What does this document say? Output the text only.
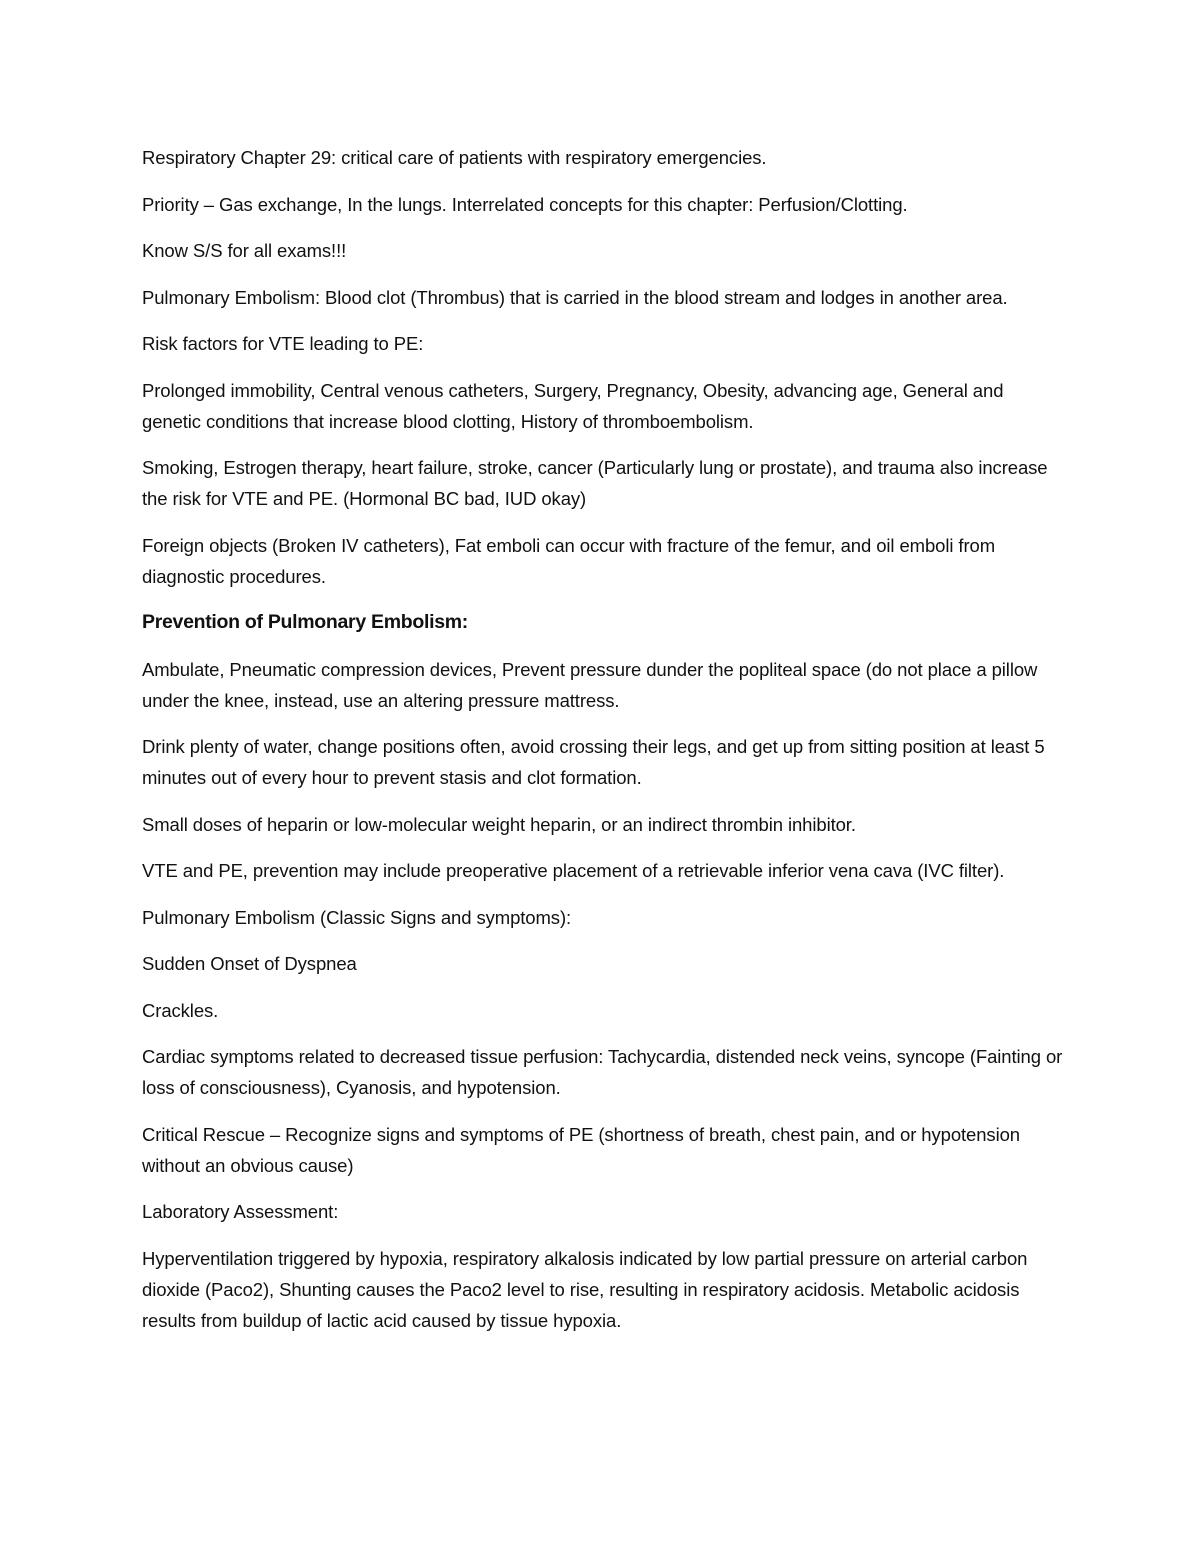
Respiratory Chapter 29: critical care of patients with respiratory emergencies.

Priority – Gas exchange, In the lungs. Interrelated concepts for this chapter: Perfusion/Clotting.

Know S/S for all exams!!!

Pulmonary Embolism: Blood clot (Thrombus) that is carried in the blood stream and lodges in another area.

Risk factors for VTE leading to PE:

Prolonged immobility, Central venous catheters, Surgery, Pregnancy, Obesity, advancing age, General and genetic conditions that increase blood clotting, History of thromboembolism.

Smoking, Estrogen therapy, heart failure, stroke, cancer (Particularly lung or prostate), and trauma also increase the risk for VTE and PE. (Hormonal BC bad, IUD okay)

Foreign objects (Broken IV catheters), Fat emboli can occur with fracture of the femur, and oil emboli from diagnostic procedures.

Prevention of Pulmonary Embolism:

Ambulate, Pneumatic compression devices, Prevent pressure dunder the popliteal space (do not place a pillow under the knee, instead, use an altering pressure mattress.

Drink plenty of water, change positions often, avoid crossing their legs, and get up from sitting position at least 5 minutes out of every hour to prevent stasis and clot formation.

Small doses of heparin or low-molecular weight heparin, or an indirect thrombin inhibitor.

VTE and PE, prevention may include preoperative placement of a retrievable inferior vena cava (IVC filter).

Pulmonary Embolism (Classic Signs and symptoms):

Sudden Onset of Dyspnea

Crackles.

Cardiac symptoms related to decreased tissue perfusion: Tachycardia, distended neck veins, syncope (Fainting or loss of consciousness), Cyanosis, and hypotension.

Critical Rescue – Recognize signs and symptoms of PE (shortness of breath, chest pain, and or hypotension without an obvious cause)

Laboratory Assessment:

Hyperventilation triggered by hypoxia, respiratory alkalosis indicated by low partial pressure on arterial carbon dioxide (Paco2), Shunting causes the Paco2 level to rise, resulting in respiratory acidosis. Metabolic acidosis results from buildup of lactic acid caused by tissue hypoxia.
